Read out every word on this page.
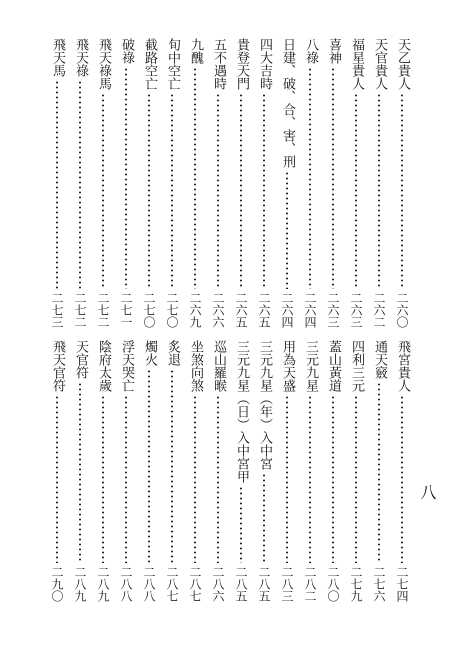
天乙貴人
二六〇
天官貴人
二六二
福星貴人
二六三
喜神
二六三
八祿
二六四
日建、破、合、害、刑
二六四
四大吉時
二六五
貴登天門
二六五
五不遇時
二六六
九醜
二六九
旬中空亡
二七〇
截路空亡
二七〇
破祿
二七一
飛天祿馬
二七二
飛天祿
二七二
飛天馬
二七三
飛宮貴人
二七四
通天竅
二七六
四利三元
二七九
蓋山黃道
二八〇
三元九星
二八二
用為天盛
二八三
三元九星（年）入中宮
二八五
三元九星（日）入中宮甲
二八五
巡山羅㬋
二八六
坐煞向煞
二八七
炙退
二八七
燭火
二八八
浮天哭亡
二八八
陰府太歲
二八九
天官符
二八九
飛天官符
二九〇
八
